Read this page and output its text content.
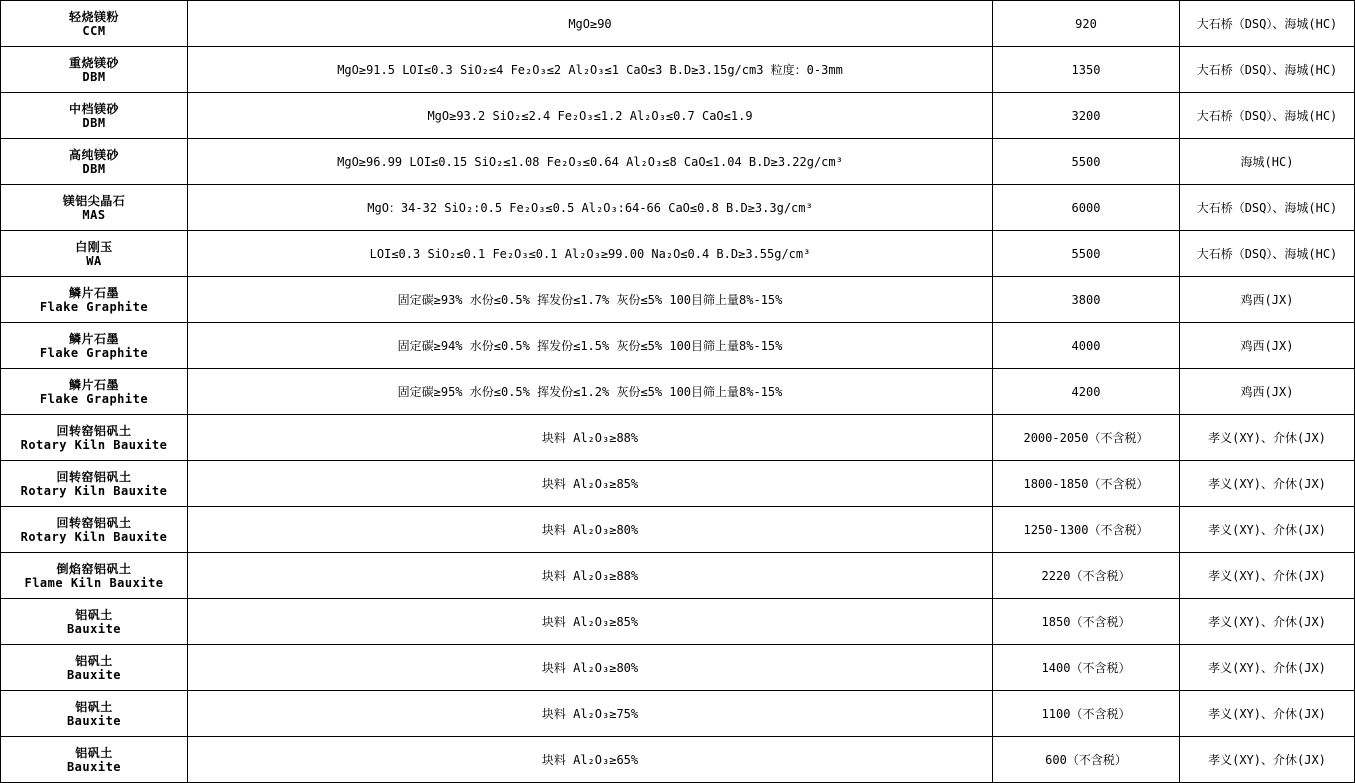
轻烧镁粉
CCM	MgO≥90	920	大石桥（DSQ）、海城(HC)

重烧镁砂
DBM	MgO≥91.5 LOI≤0.3 SiO₂≤4 Fe₂O₃≤2 Al₂O₃≤1 CaO≤3 B.D≥3.15g/cm3 粒度：0-3mm	1350	大石桥（DSQ）、海城(HC)

中档镁砂
DBM	MgO≥93.2 SiO₂≤2.4 Fe₂O₃≤1.2 Al₂O₃≤0.7 CaO≤1.9	3200	大石桥（DSQ）、海城(HC)

高纯镁砂
DBM	MgO≥96.99 LOI≤0.15 SiO₂≤1.08 Fe₂O₃≤0.64 Al₂O₃≤8 CaO≤1.04 B.D≥3.22g/cm³	5500	海城(HC)

镁铝尖晶石
MAS	MgO：34-32 SiO₂:0.5 Fe₂O₃≤0.5 Al₂O₃:64-66 CaO≤0.8 B.D≥3.3g/cm³	6000	大石桥（DSQ）、海城(HC)

白刚玉
WA	LOI≤0.3 SiO₂≤0.1 Fe₂O₃≤0.1 Al₂O₃≥99.00 Na₂O≤0.4 B.D≥3.55g/cm³	5500	大石桥（DSQ）、海城(HC)

鳞片石墨
Flake Graphite	固定碳≥93% 水份≤0.5% 挥发份≤1.7% 灰份≤5% 100目筛上量8%-15%	3800	鸡西(JX)

鳞片石墨
Flake Graphite	固定碳≥94% 水份≤0.5% 挥发份≤1.5% 灰份≤5% 100目筛上量8%-15%	4000	鸡西(JX)

鳞片石墨
Flake Graphite	固定碳≥95% 水份≤0.5% 挥发份≤1.2% 灰份≤5% 100目筛上量8%-15%	4200	鸡西(JX)

回转窑铝矾土
Rotary Kiln Bauxite	块料 Al₂O₃≥88%	2000-2050（不含税）	孝义(XY)、介休(JX)

回转窑铝矾土
Rotary Kiln Bauxite	块料 Al₂O₃≥85%	1800-1850（不含税）	孝义(XY)、介休(JX)

回转窑铝矾土
Rotary Kiln Bauxite	块料 Al₂O₃≥80%	1250-1300（不含税）	孝义(XY)、介休(JX)

倒焰窑铝矾土
Flame Kiln Bauxite	块料 Al₂O₃≥88%	2220（不含税）	孝义(XY)、介休(JX)

铝矾土
Bauxite	块料 Al₂O₃≥85%	1850（不含税）	孝义(XY)、介休(JX)

铝矾土
Bauxite	块料 Al₂O₃≥80%	1400（不含税）	孝义(XY)、介休(JX)

铝矾土
Bauxite	块料 Al₂O₃≥75%	1100（不含税）	孝义(XY)、介休(JX)

铝矾土
Bauxite	块料 Al₂O₃≥65%	600（不含税）	孝义(XY)、介休(JX)
